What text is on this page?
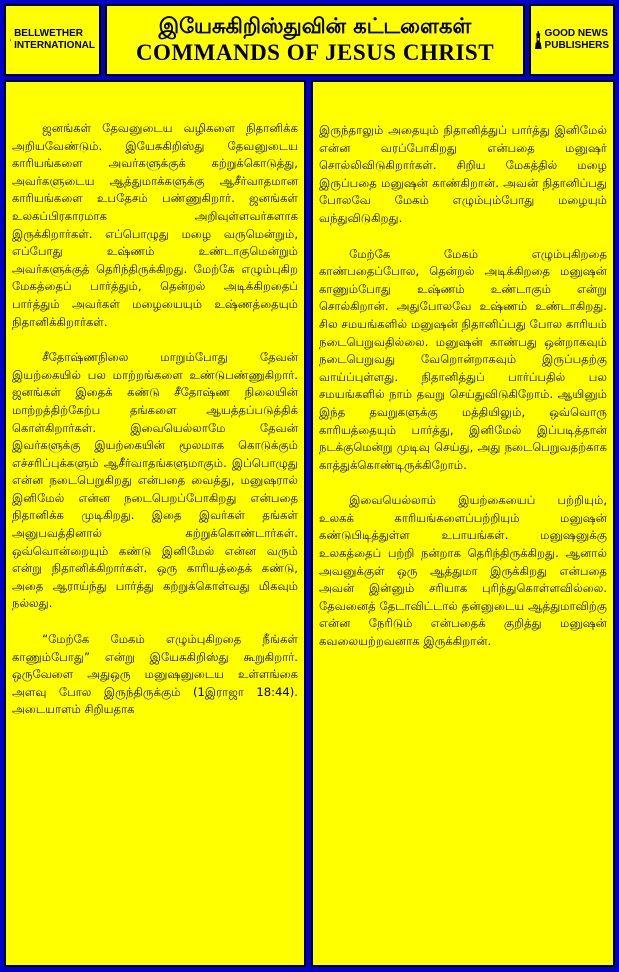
BELLWETHER
INTERNATIONAL
இயேசுகிறிஸ்துவின் கட்டளைகள்
COMMANDS OF JESUS CHRIST
GOOD NEWS
PUBLISHERS

ஜனங்கள் தேவனுடைய வழிகளை நிதானிக்க அறியவேண்டும். இயேசுகிறிஸ்து தேவனுடைய காரியங்களை அவர்களுக்குக் கற்றுக்கொடுத்து, அவர்களுடைய ஆத்துமாக்களுக்கு ஆசீர்வாதமான காரியங்களை உபதேசம் பண்ணுகிறார். ஜனங்கள் உலகப்பிரகாரமாக அறிவுள்ளவர்களாக இருக்கிறார்கள். எப்பொழுது மழை வருமென்றும், எப்போது உஷ்ணம் உண்டாகுமென்றும் அவர்களுக்குத் தெரிந்திருக்கிறது. மேற்கே எழும்புகிற மேகத்தைப் பார்த்தும், தென்றல் அடிக்கிறதைப் பார்த்தும் அவர்கள் மழையையும் உஷ்ணத்தையும் நிதானிக்கிறார்கள்.

சீதோஷ்ணநிலை மாறும்போது தேவன் இயற்கையில் பல மாற்றங்களை உண்டுபண்ணுகிறார். ஜனங்கள் இதைக் கண்டு சீதோஷ்ண நிலையின் மாற்றத்திற்கேற்ப தங்களை ஆயத்தப்படுத்திக் கொள்கிறார்கள். இவையெல்லாமே தேவன் இவர்களுக்கு இயற்கையின் மூலமாக கொடுக்கும் எச்சரிப்புக்களும் ஆசீர்வாதங்களுமாகும். இப்பொழுது என்ன நடைபெறுகிறது என்பதை வைத்து, மனுஷரால் இனிமேல் என்ன நடைபெறப்போகிறது என்பதை நிதானிக்க முடிகிறது. இதை இவர்கள் தங்கள் அனுபவத்தினால் கற்றுக்கொண்டார்கள். ஒவ்வொன்றையும் கண்டு இனிமேல் என்ன வரும் என்று நிதானிக்கிறார்கள். ஒரு காரியத்தைக் கண்டு, அதை ஆராய்ந்து பார்த்து கற்றுக்கொள்வது மிகவும் நல்லது.

“மேற்கே மேகம் எழும்புகிறதை நீங்கள் காணும்போது” என்று இயேசுகிறிஸ்து கூறுகிறார். ஒருவேளை அதுஒரு மனுஷனுடைய உள்ளங்கை அளவு போல இருந்திருக்கும் (1இராஜா 18:44). அடையாளம் சிறியதாக

இருந்தாலும் அதையும் நிதானித்துப் பார்த்து இனிமேல் என்ன வரப்போகிறது என்பதை மனுஷர் சொல்லிவிடுகிறார்கள். சிறிய மேகத்தில் மழை இருப்பதை மனுஷன் காண்கிறான். அவன் நிதானிப்பது போலவே மேகம் எழும்பும்போது மழையும் வந்துவிடுகிறது.

மேற்கே மேகம் எழும்புகிறதை காண்பதைப்போல, தென்றல் அடிக்கிறதை மனுஷன் காணும்போது உஷ்ணம் உண்டாகும் என்று சொல்கிறான். அதுபோலவே உஷ்ணம் உண்டாகிறது. சில சமயங்களில் மனுஷன் நிதானிப்பது போல காரியம் நடைபெறுவதில்லை. மனுஷன் காண்பது ஒன்றாகவும் நடைபெறுவது வேறொன்றாகவும் இருப்பதற்கு வாய்ப்புள்ளது. நிதானித்துப் பார்ப்பதில் பல சமயங்களில் நாம் தவறு செய்துவிடுகிறோம். ஆயினும் இந்த தவறுகளுக்கு மத்தியிலும், ஒவ்வொரு காரியத்தையும் பார்த்து, இனிமேல் இப்படித்தான் நடக்குமென்று முடிவு செய்து, அது நடைபெறுவதற்காக காத்துக்கொண்டிருக்கிறோம்.

இவையெல்லாம் இயற்கையைப் பற்றியும், உலகக் காரியங்களைப்பற்றியும் மனுஷன் கண்டுபிடித்துள்ள உபாயங்கள். மனுஷனுக்கு உலகத்தைப் பற்றி நன்றாக தெரிந்திருக்கிறது. ஆனால் அவனுக்குள் ஒரு ஆத்துமா இருக்கிறது என்பதை அவன் இன்னும் சரியாக புரிந்துகொள்ளவில்லை. தேவனைத் தேடாவிட்டால் தன்னுடைய ஆத்துமாவிற்கு என்ன நேரிடும் என்பதைக் குறித்து மனுஷன் கவலையற்றவனாக இருக்கிறான்.
